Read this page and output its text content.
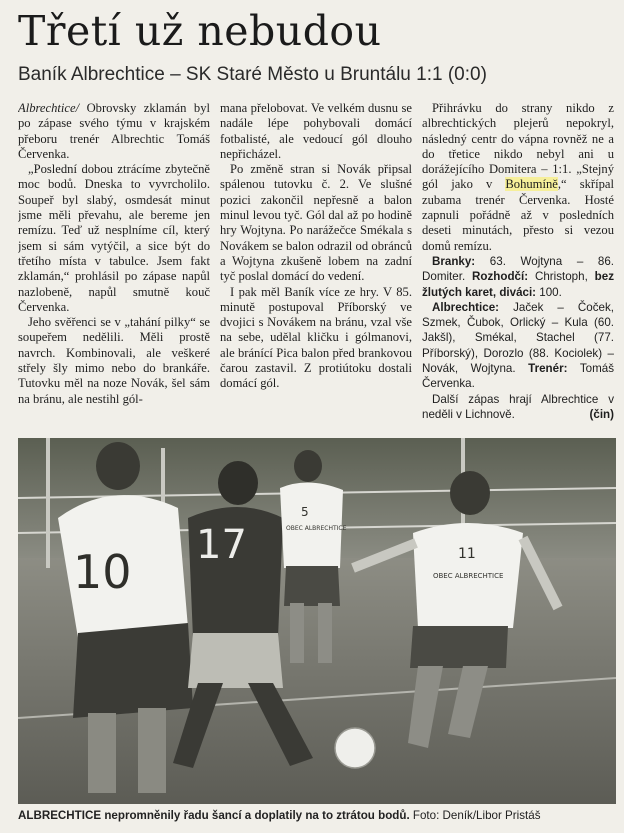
Třetí už nebudou
Baník Albrechtice – SK Staré Město u Bruntálu 1:1 (0:0)

Albrechtice/ Obrovsky zklamán byl po zápase svého týmu v krajském přeboru trenér Albrechtic Tomáš Červenka.

„Poslední dobou ztrácíme zbytečně moc bodů. Dneska to vyvrcholilo. Soupeř byl slabý, osmdesát minut jsme měli převahu, ale bereme jen remízu. Teď už nesplníme cíl, který jsem si sám vytýčil, a sice být do třetího místa v tabulce. Jsem fakt zklamán,“ prohlásil po zápase napůl nazlobeně, napůl smutně kouč Červenka.

Jeho svěřenci se v „tahání pilky“ se soupeřem nedělili. Měli prostě navrch. Kombinovali, ale veškeré střely šly mimo nebo do brankáře. Tutovku měl na noze Novák, šel sám na bránu, ale nestihl gól-

mana přelobovat. Ve velkém dusnu se nadále lépe pohybovali domácí fotbalisté, ale vedoucí gól dlouho nepřicházel.

Po změně stran si Novák připsal spálenou tutovku č. 2. Ve slušné pozici zakončil nepřesně a balon minul levou tyč. Gól dal až po hodině hry Wojtyna. Po narážečce Smékala s Novákem se balon odrazil od obránců a Wojtyna zkušeně lobem na zadní tyč poslal domácí do vedení.

I pak měl Baník více ze hry. V 85. minutě postupoval Příborský ve dvojici s Novákem na bránu, vzal vše na sebe, udělal kličku i gólmanovi, ale bránící Pica balon před brankovou čarou zastavil. Z protiútoku dostali domácí gól.

Přihrávku do strany nikdo z albrechtických plejerů nepokryl, následný centr do vápna rovněž ne a do třetice nikdo nebyl ani u dorážejícího Domitera – 1:1. „Stejný gól jako v Bohumíně,“ skřípal zubama trenér Červenka. Hosté zapnuli pořádně až v posledních deseti minutách, přesto si vezou domů remízu.

Branky: 63. Wojtyna – 86. Domiter. Rozhodčí: Christoph, bez žlutých karet, diváci: 100.

Albrechtice: Jaček – Čoček, Szmek, Čubok, Orlický – Kula (60. Jakšl), Smékal, Stachel (77. Příborský), Dorozlo (88. Kociolek) – Novák, Wojtyna. Trenér: Tomáš Červenka.

Další zápas hrají Albrechtice v neděli v Lichnově.	(čin)

10 17
5
OBEC ALBRECHTICE
11
OBEC ALBRECHTICE
ALBRECHTICE nepromněnily řadu šancí a doplatily na to ztrátou bodů. Foto: Deník/Libor Pristáš
